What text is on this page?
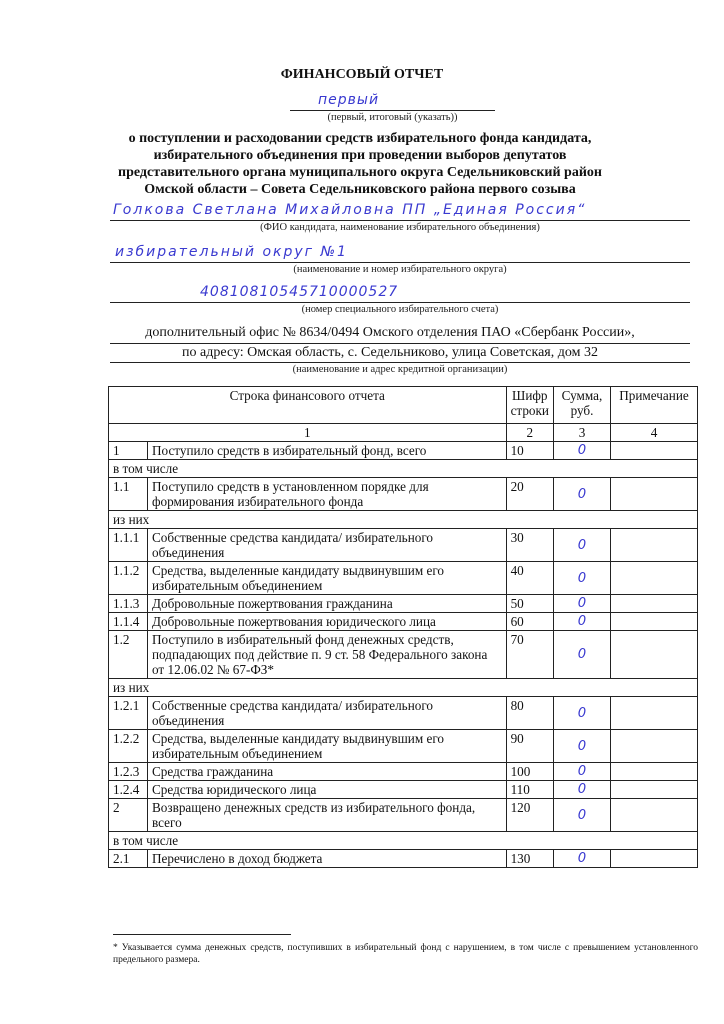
ФИНАНСОВЫЙ ОТЧЕТ
первый
(первый, итоговый (указать))
о поступлении и расходовании средств избирательного фонда кандидата, избирательного объединения при проведении выборов депутатов представительного органа муниципального округа Седельниковский район Омской области – Совета Седельниковского района первого созыва
Голкова Светлана Михайловна ПП „Единая Россия“
(ФИО кандидата, наименование избирательного объединения)
избирательный округ №1
(наименование и номер избирательного округа)
40810810545710000527
(номер специального избирательного счета)
дополнительный офис № 8634/0494 Омского отделения ПАО «Сбербанк России»,
по адресу: Омская область, с. Седельниково, улица Советская, дом 32
(наименование и адрес кредитной организации)
Строка финансового отчета		Шифр строки	Сумма, руб.	Примечание
1		2	3	4
1	Поступило средств в избирательный фонд, всего	10	0	
в том числе				
1.1	Поступило средств в установленном порядке для формирования избирательного фонда	20	0	
из них				
1.1.1	Собственные средства кандидата/ избирательного объединения	30	0	
1.1.2	Средства, выделенные кандидату выдвинувшим его избирательным объединением	40	0	
1.1.3	Добровольные пожертвования гражданина	50	0	
1.1.4	Добровольные пожертвования юридического лица	60	0	
1.2	Поступило в избирательный фонд денежных средств, подпадающих под действие п. 9 ст. 58 Федерального закона от 12.06.02 № 67-ФЗ*	70	0	
из них				
1.2.1	Собственные средства кандидата/ избирательного объединения	80	0	
1.2.2	Средства, выделенные кандидату выдвинувшим его избирательным объединением	90	0	
1.2.3	Средства гражданина	100	0	
1.2.4	Средства юридического лица	110	0	
2	Возвращено денежных средств из избирательного фонда, всего	120	0	
в том числе				
2.1	Перечислено в доход бюджета	130	0	
* Указывается сумма денежных средств, поступивших в избирательный фонд с нарушением, в том числе с превышением установленного предельного размера.
